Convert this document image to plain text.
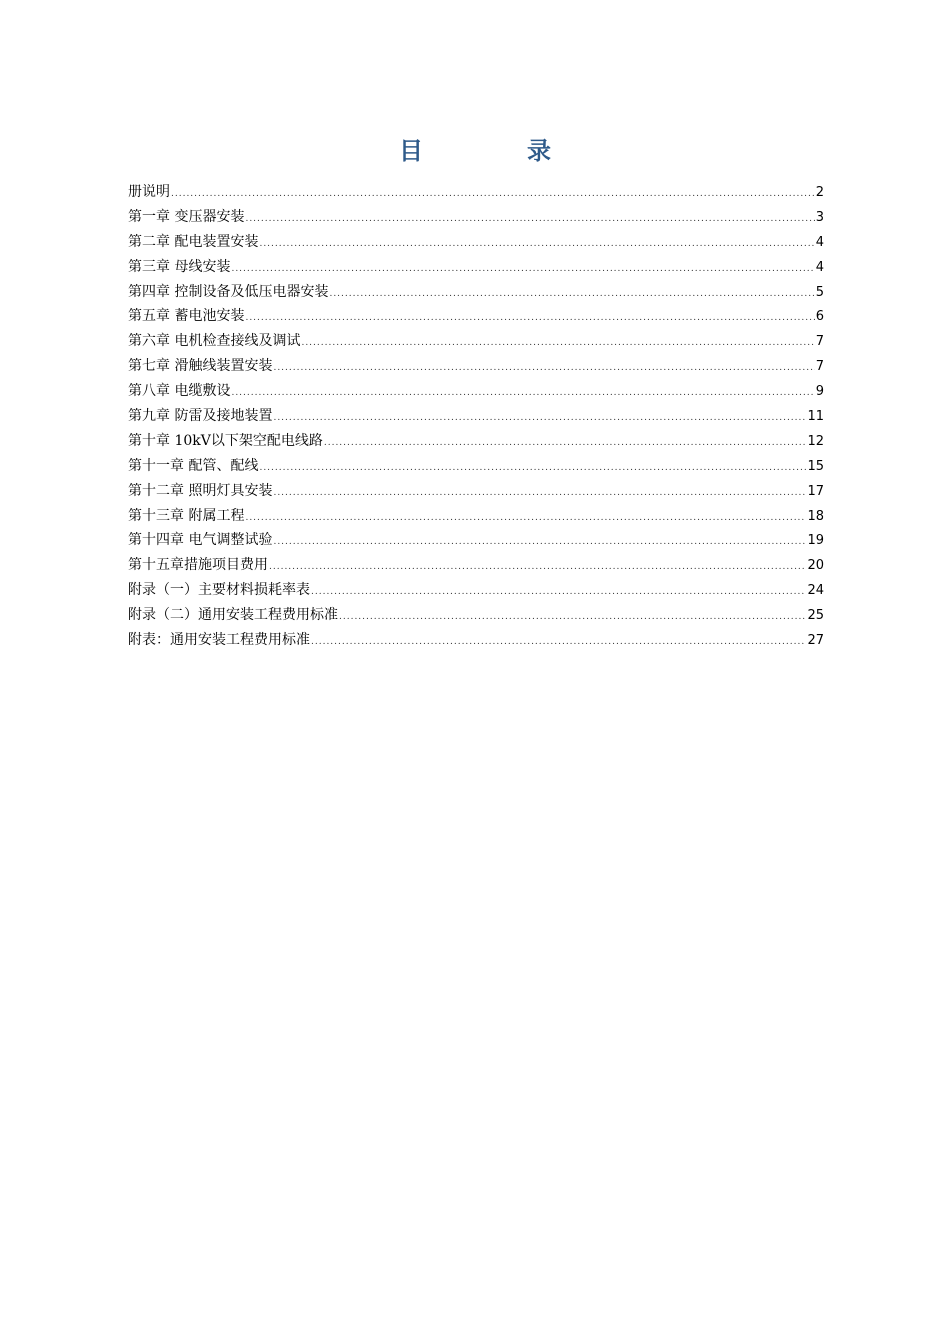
目　录
册说明 .....	2
第一章 变压器安装 .....	3
第二章 配电装置安装 .....	4
第三章 母线安装 .....	4
第四章 控制设备及低压电器安装 .....	5
第五章 蓄电池安装 .....	6
第六章 电机检查接线及调试 .....	7
第七章 滑触线装置安装 .....	7
第八章 电缆敷设 .....	9
第九章 防雷及接地装置 .....	11
第十章 10kV以下架空配电线路 .....	12
第十一章 配管、配线 .....	15
第十二章 照明灯具安装 .....	17
第十三章 附属工程 .....	18
第十四章 电气调整试验 .....	19
第十五章措施项目费用 .....	20
附录（一）主要材料损耗率表 .....	24
附录（二）通用安装工程费用标准 .....	25
附表：通用安装工程费用标准 .....	27
